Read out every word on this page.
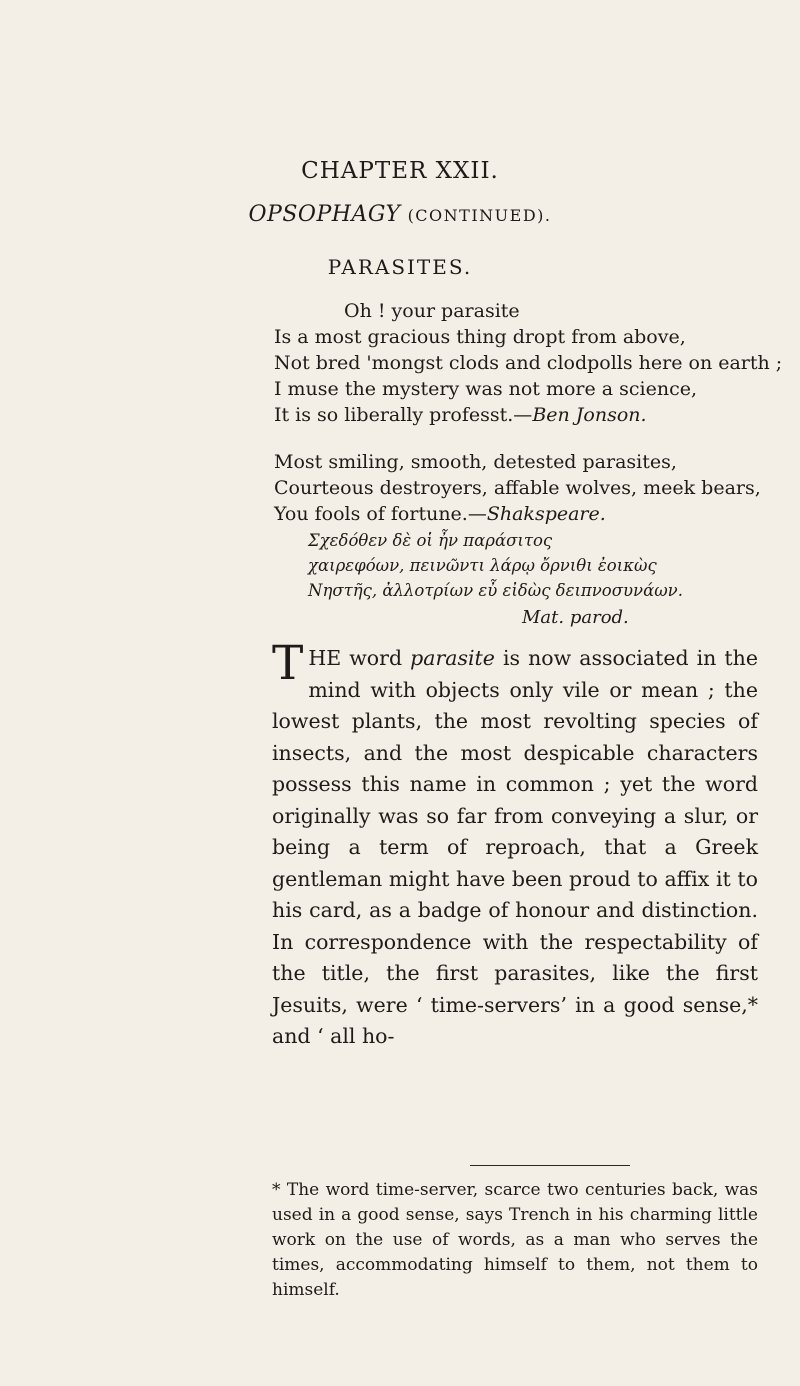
CHAPTER XXII.
OPSOPHAGY (CONTINUED).
PARASITES.
Oh ! your parasite
Is a most gracious thing dropt from above,
Not bred 'mongst clods and clodpolls here on earth ;
I muse the mystery was not more a science,
It is so liberally professt.—Ben Jonson.
Most smiling, smooth, detested parasites,
Courteous destroyers, affable wolves, meek bears,
You fools of fortune.—Shakspeare.
Σχεδόθεν δὲ οἱ ἦν παράσιτος
χαιρεφόων, πεινῶντι λάρῳ ὄρνιθι ἐοικὼς
Νηστῆς, ἀλλοτρίων εὖ εἰδὼς δειπνοσυνάων.
Mat. parod.
THE word parasite is now associated in the mind with objects only vile or mean ; the lowest plants, the most revolting species of insects, and the most despicable characters possess this name in common ; yet the word originally was so far from conveying a slur, or being a term of reproach, that a Greek gentleman might have been proud to affix it to his card, as a badge of honour and distinction. In correspondence with the respectability of the title, the first parasites, like the first Jesuits, were ‘ time-servers’ in a good sense,* and ‘ all ho-
* The word time-server, scarce two centuries back, was used in a good sense, says Trench in his charming little work on the use of words, as a man who serves the times, accommodating himself to them, not them to himself.
